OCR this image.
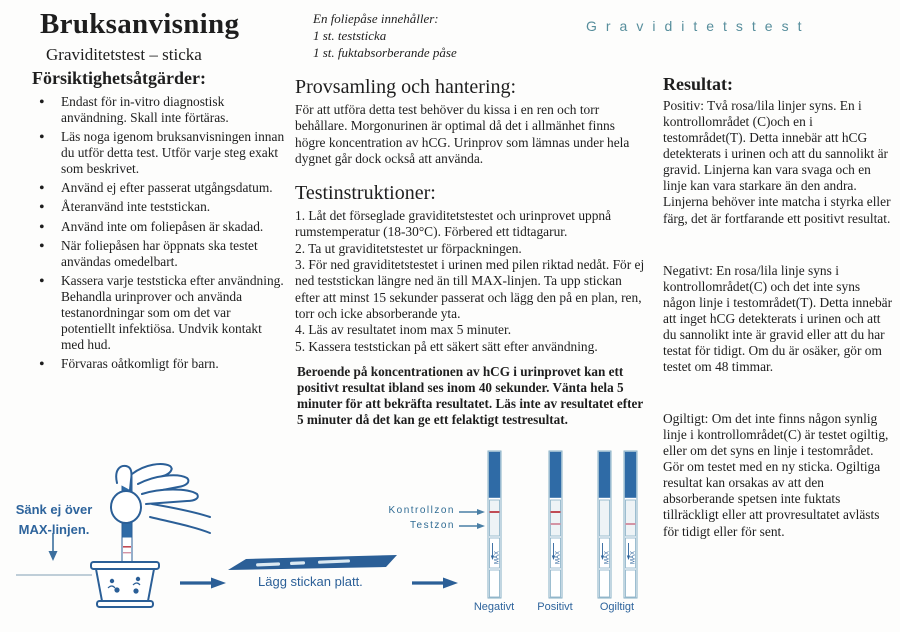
Bruksanvisning
Graviditetstest – sticka
Försiktighetsåtgärder:
• Endast för in-vitro diagnostisk användning. Skall inte förtäras.
• Läs noga igenom bruksanvisningen innan du utför detta test. Utför varje steg exakt som beskrivet.
• Använd ej efter passerat utgångsdatum.
• Återanvänd inte teststickan.
• Använd inte om foliepåsen är skadad.
• När foliepåsen har öppnats ska testet användas omedelbart.
• Kassera varje teststicka efter användning. Behandla urinprover och använda testanordningar som om det var potentiellt infektiösa. Undvik kontakt med hud.
• Förvaras oåtkomligt för barn.
En foliepåse innehåller:
1 st. teststicka
1 st. fuktabsorberande påse
Provsamling och hantering:
För att utföra detta test behöver du kissa i en ren och torr behållare. Morgonurinen är optimal då det i allmänhet finns högre koncentration av hCG. Urinprov som lämnas under hela dygnet går dock också att använda.
Testinstruktioner:
1. Låt det förseglade graviditetstestet och urinprovet uppnå rumstemperatur (18-30°C). Förbered ett tidtagarur.
2. Ta ut graviditetstestet ur förpackningen.
3. För ned graviditetstestet i urinen med pilen riktad nedåt. För ej ned teststickan längre ned än till MAX-linjen. Ta upp stickan efter att minst 15 sekunder passerat och lägg den på en plan, ren, torr och icke absorberande yta.
4. Läs av resultatet inom max 5 minuter.
5. Kassera teststickan på ett säkert sätt efter användning.
Beroende på koncentrationen av hCG i urinprovet kan ett positivt resultat ibland ses inom 40 sekunder. Vänta hela 5 minuter för att bekräfta resultatet. Läs inte av resultatet efter 5 minuter då det kan ge ett felaktigt testresultat.
Graviditetstest
Resultat:
Positiv: Två rosa/lila linjer syns. En i kontrollområdet (C)och en i testområdet(T). Detta innebär att hCG detekterats i urinen och att du sannolikt är gravid. Linjerna kan vara svaga och en linje kan vara starkare än den andra. Linjerna behöver inte matcha i styrka eller färg, det är fortfarande ett positivt resultat.
Negativt: En rosa/lila linje syns i kontrollområdet(C) och det inte syns någon linje i testområdet(T). Detta innebär att inget hCG detekterats i urinen och att du sannolikt inte är gravid eller att du har testat för tidigt. Om du är osäker, gör om testet om 48 timmar.
Ogiltigt: Om det inte finns någon synlig linje i kontrollområdet(C) är testet ogiltig, eller om det syns en linje i testområdet. Gör om testet med en ny sticka. Ogiltiga resultat kan orsakas av att den absorberande spetsen inte fuktats tillräckligt eller att provresultatet avlästs för tidigt eller för sent.
MAX	MAX	MAX	MAX
Sänk ej över
MAX-linjen.
Lägg stickan platt.
Kontrollzon
Testzon
Negativt	Positivt	Ogiltigt
